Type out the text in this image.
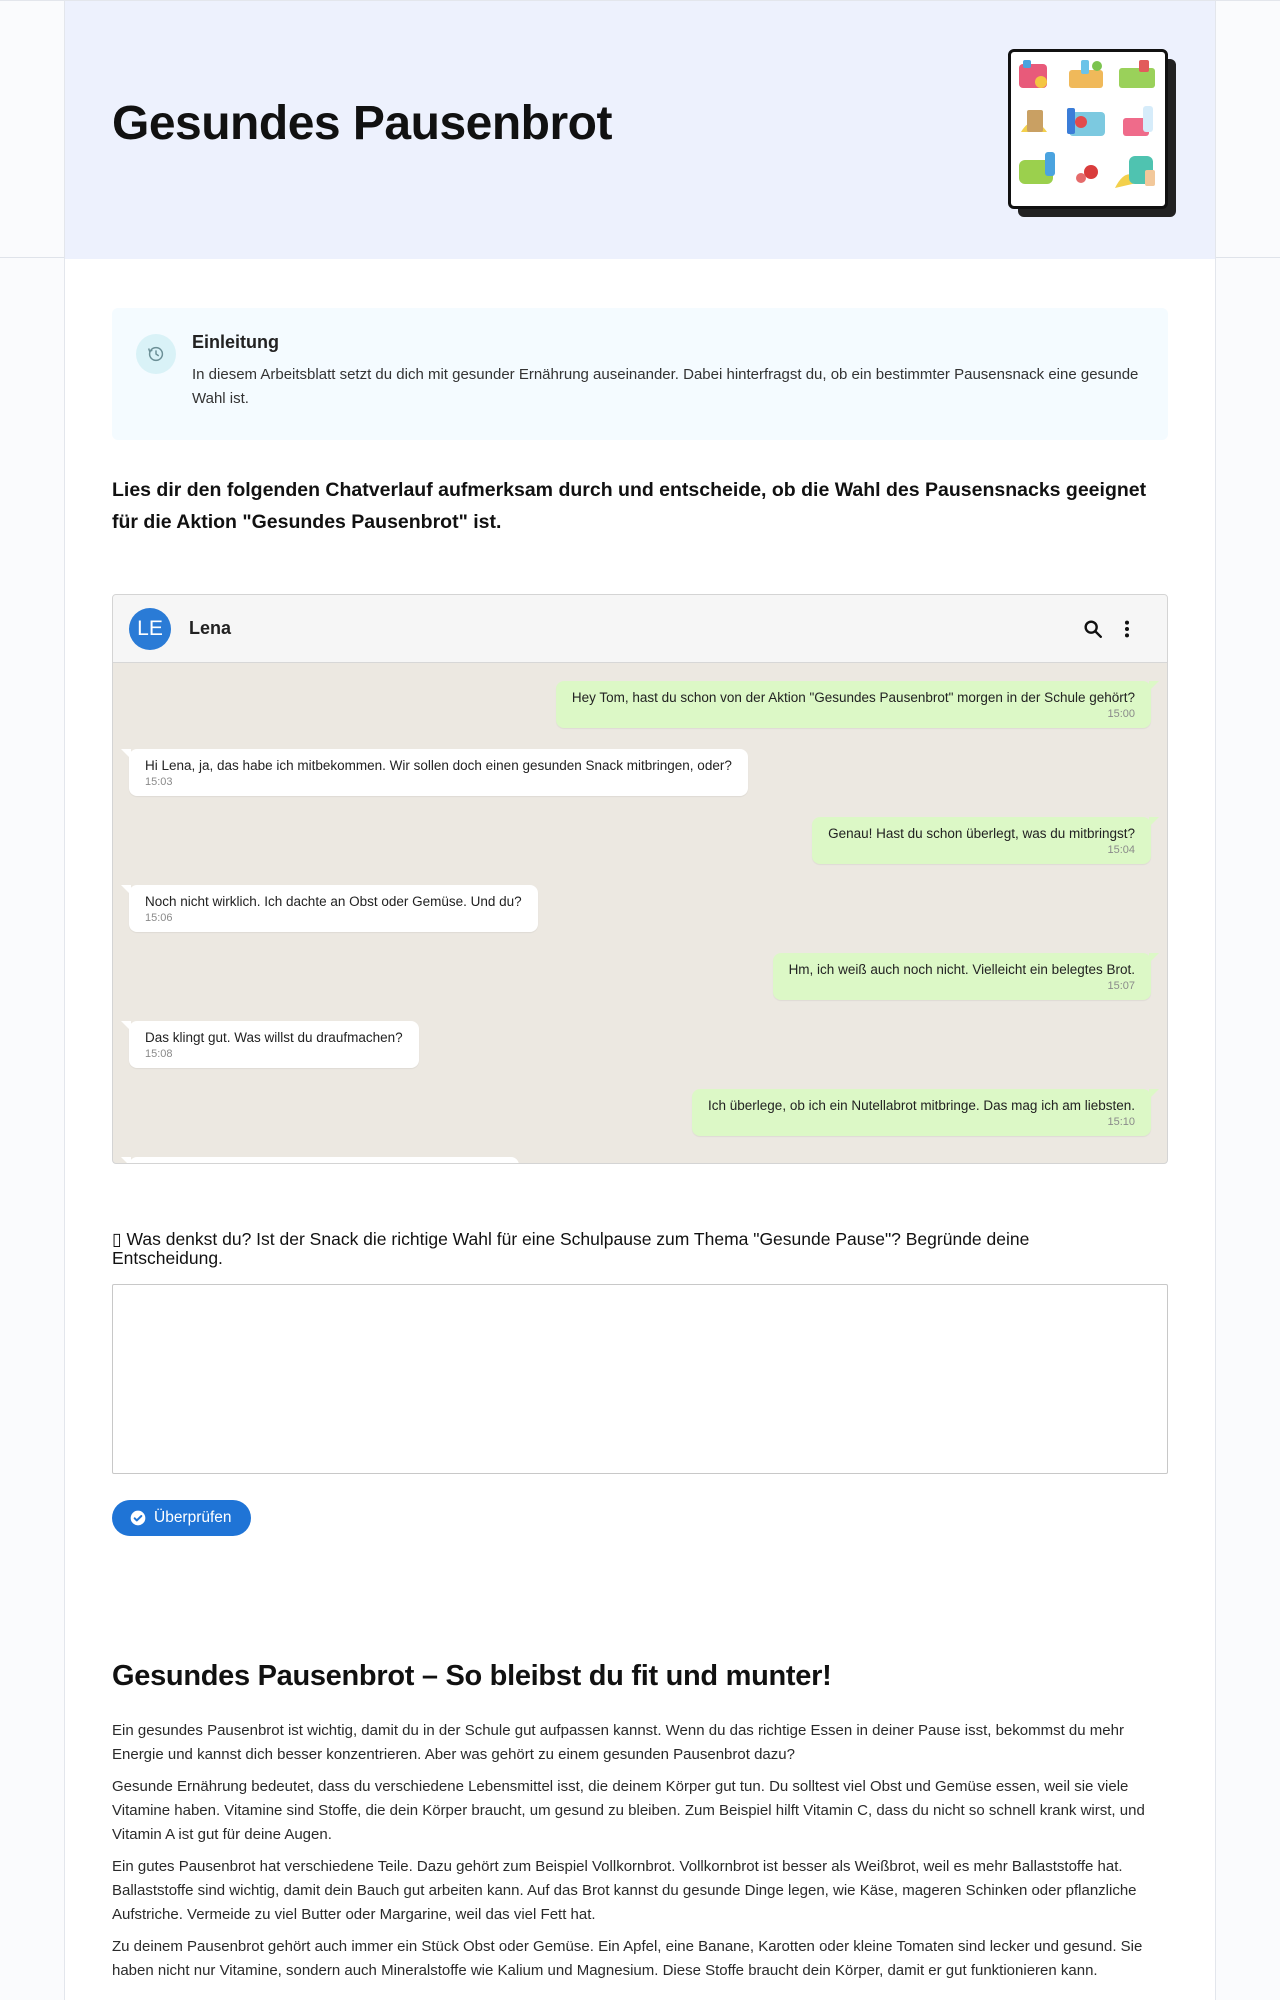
Gesundes Pausenbrot
Einleitung
In diesem Arbeitsblatt setzt du dich mit gesunder Ernährung auseinander. Dabei hinterfragst du, ob ein bestimmter Pausensnack eine gesunde Wahl ist.

Lies dir den folgenden Chatverlauf aufmerksam durch und entscheide, ob die Wahl des Pausensnacks geeignet für die Aktion "Gesundes Pausenbrot" ist.

LE	Lena
Hey Tom, hast du schon von der Aktion "Gesundes Pausenbrot" morgen in der Schule gehört?
15:00
Hi Lena, ja, das habe ich mitbekommen. Wir sollen doch einen gesunden Snack mitbringen, oder?
15:03
Genau! Hast du schon überlegt, was du mitbringst?
15:04
Noch nicht wirklich. Ich dachte an Obst oder Gemüse. Und du?
15:06
Hm, ich weiß auch noch nicht. Vielleicht ein belegtes Brot.
15:07
Das klingt gut. Was willst du draufmachen?
15:08
Ich überlege, ob ich ein Nutellabrot mitbringe. Das mag ich am liebsten.
15:10

▯ Was denkst du? Ist der Snack die richtige Wahl für eine Schulpause zum Thema "Gesunde Pause"? Begründe deine Entscheidung.

Überprüfen
Gesundes Pausenbrot – So bleibst du fit und munter!

Ein gesundes Pausenbrot ist wichtig, damit du in der Schule gut aufpassen kannst. Wenn du das richtige Essen in deiner Pause isst, bekommst du mehr Energie und kannst dich besser konzentrieren. Aber was gehört zu einem gesunden Pausenbrot dazu?

Gesunde Ernährung bedeutet, dass du verschiedene Lebensmittel isst, die deinem Körper gut tun. Du solltest viel Obst und Gemüse essen, weil sie viele Vitamine haben. Vitamine sind Stoffe, die dein Körper braucht, um gesund zu bleiben. Zum Beispiel hilft Vitamin C, dass du nicht so schnell krank wirst, und Vitamin A ist gut für deine Augen.

Ein gutes Pausenbrot hat verschiedene Teile. Dazu gehört zum Beispiel Vollkornbrot. Vollkornbrot ist besser als Weißbrot, weil es mehr Ballaststoffe hat. Ballaststoffe sind wichtig, damit dein Bauch gut arbeiten kann. Auf das Brot kannst du gesunde Dinge legen, wie Käse, mageren Schinken oder pflanzliche Aufstriche. Vermeide zu viel Butter oder Margarine, weil das viel Fett hat.

Zu deinem Pausenbrot gehört auch immer ein Stück Obst oder Gemüse. Ein Apfel, eine Banane, Karotten oder kleine Tomaten sind lecker und gesund. Sie haben nicht nur Vitamine, sondern auch Mineralstoffe wie Kalium und Magnesium. Diese Stoffe braucht dein Körper, damit er gut funktionieren kann.
